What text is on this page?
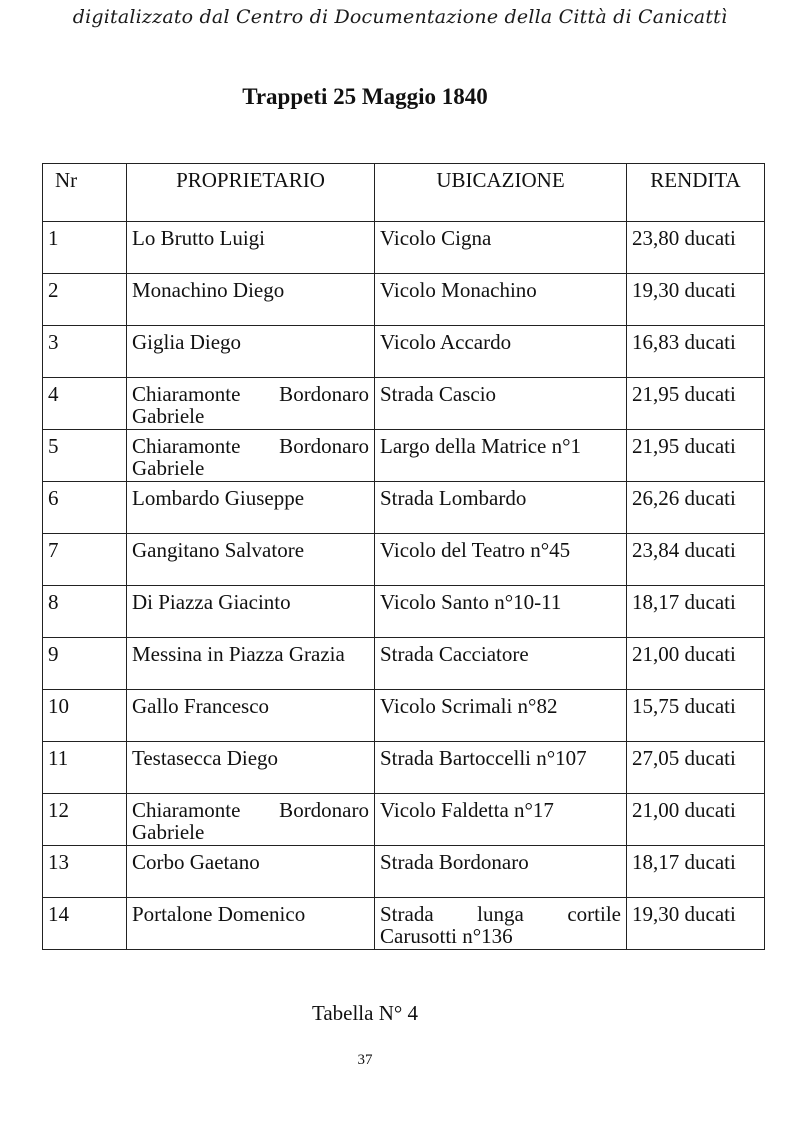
digitalizzato dal Centro di Documentazione della Città di Canicattì
Trappeti 25 Maggio 1840
Nr	PROPRIETARIO	UBICAZIONE	RENDITA
1	Lo Brutto Luigi	Vicolo Cigna	23,80 ducati
2	Monachino Diego	Vicolo Monachino	19,30 ducati
3	Giglia Diego	Vicolo Accardo	16,83 ducati
4	Chiaramonte Bordonaro Gabriele	Strada Cascio	21,95 ducati
5	Chiaramonte Bordonaro Gabriele	Largo della Matrice n°1	21,95 ducati
6	Lombardo Giuseppe	Strada Lombardo	26,26 ducati
7	Gangitano Salvatore	Vicolo del Teatro n°45	23,84 ducati
8	Di Piazza Giacinto	Vicolo Santo n°10-11	18,17 ducati
9	Messina in Piazza Grazia	Strada Cacciatore	21,00 ducati
10	Gallo Francesco	Vicolo Scrimali n°82	15,75 ducati
11	Testasecca Diego	Strada Bartoccelli n°107	27,05 ducati
12	Chiaramonte Bordonaro Gabriele	Vicolo Faldetta n°17	21,00 ducati
13	Corbo Gaetano	Strada Bordonaro	18,17 ducati
14	Portalone Domenico	Strada lunga cortile Carusotti n°136	19,30 ducati
Tabella N° 4
37
